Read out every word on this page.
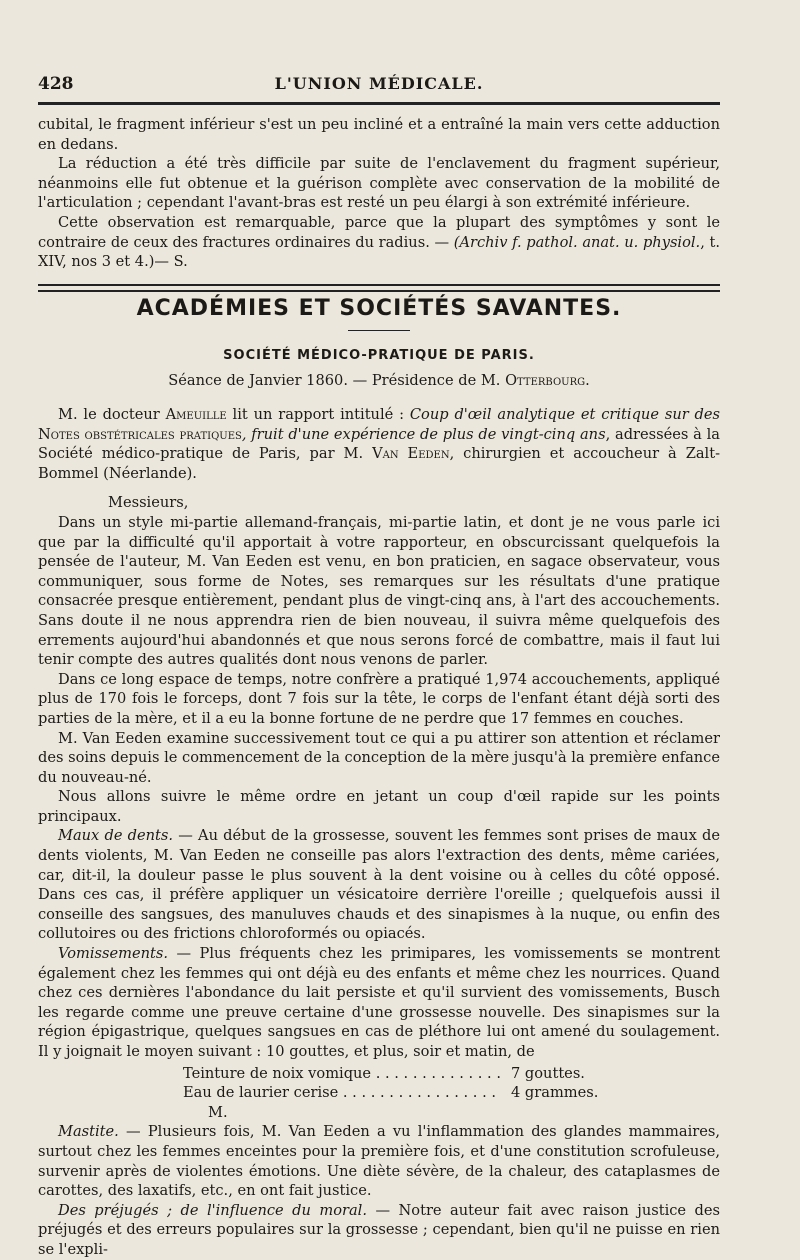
428	L'UNION MÉDICALE.

cubital, le fragment inférieur s'est un peu incliné et a entraîné la main vers cette adduction en dedans.

La réduction a été très difficile par suite de l'enclavement du fragment supérieur, néanmoins elle fut obtenue et la guérison complète avec conservation de la mobilité de l'articulation ; cependant l'avant-bras est resté un peu élargi à son extrémité inférieure.

Cette observation est remarquable, parce que la plupart des symptômes y sont le contraire de ceux des fractures ordinaires du radius. — (Archiv f. pathol. anat. u. physiol., t. XIV, nos 3 et 4.)— S.

ACADÉMIES ET SOCIÉTÉS SAVANTES.
SOCIÉTÉ MÉDICO-PRATIQUE DE PARIS.
Séance de Janvier 1860. — Présidence de M. Otterbourg.

M. le docteur Ameuille lit un rapport intitulé : Coup d'œil analytique et critique sur des Notes obstétricales pratiques, fruit d'une expérience de plus de vingt-cinq ans, adressées à la Société médico-pratique de Paris, par M. Van Eeden, chirurgien et accoucheur à Zalt-Bommel (Néerlande).

Messieurs,

Dans un style mi-partie allemand-français, mi-partie latin, et dont je ne vous parle ici que par la difficulté qu'il apportait à votre rapporteur, en obscurcissant quelquefois la pensée de l'auteur, M. Van Eeden est venu, en bon praticien, en sagace observateur, vous communiquer, sous forme de Notes, ses remarques sur les résultats d'une pratique consacrée presque entièrement, pendant plus de vingt-cinq ans, à l'art des accouchements. Sans doute il ne nous apprendra rien de bien nouveau, il suivra même quelquefois des errements aujourd'hui abandonnés et que nous serons forcé de combattre, mais il faut lui tenir compte des autres qualités dont nous venons de parler.

Dans ce long espace de temps, notre confrère a pratiqué 1,974 accouchements, appliqué plus de 170 fois le forceps, dont 7 fois sur la tête, le corps de l'enfant étant déjà sorti des parties de la mère, et il a eu la bonne fortune de ne perdre que 17 femmes en couches.

M. Van Eeden examine successivement tout ce qui a pu attirer son attention et réclamer des soins depuis le commencement de la conception de la mère jusqu'à la première enfance du nouveau-né.

Nous allons suivre le même ordre en jetant un coup d'œil rapide sur les points principaux.

Maux de dents. — Au début de la grossesse, souvent les femmes sont prises de maux de dents violents, M. Van Eeden ne conseille pas alors l'extraction des dents, même cariées, car, dit-il, la douleur passe le plus souvent à la dent voisine ou à celles du côté opposé. Dans ces cas, il préfère appliquer un vésicatoire derrière l'oreille ; quelquefois aussi il conseille des sangsues, des manuluves chauds et des sinapismes à la nuque, ou enfin des collutoires ou des frictions chloroformés ou opiacés.

Vomissements. — Plus fréquents chez les primipares, les vomissements se montrent également chez les femmes qui ont déjà eu des enfants et même chez les nourrices. Quand chez ces dernières l'abondance du lait persiste et qu'il survient des vomissements, Busch les regarde comme une preuve certaine d'une grossesse nouvelle. Des sinapismes sur la région épigastrique, quelques sangsues en cas de pléthore lui ont amené du soulagement. Il y joignait le moyen suivant : 10 gouttes, et plus, soir et matin, de

Teinture de noix vomique . . .	7 gouttes.
Eau de laurier cerise . . .	4 grammes.
M.

Mastite. — Plusieurs fois, M. Van Eeden a vu l'inflammation des glandes mammaires, surtout chez les femmes enceintes pour la première fois, et d'une constitution scrofuleuse, survenir après de violentes émotions. Une diète sévère, de la chaleur, des cataplasmes de carottes, des laxatifs, etc., en ont fait justice.

Des préjugés ; de l'influence du moral. — Notre auteur fait avec raison justice des préjugés et des erreurs populaires sur la grossesse ; cependant, bien qu'il ne puisse en rien se l'expli-
